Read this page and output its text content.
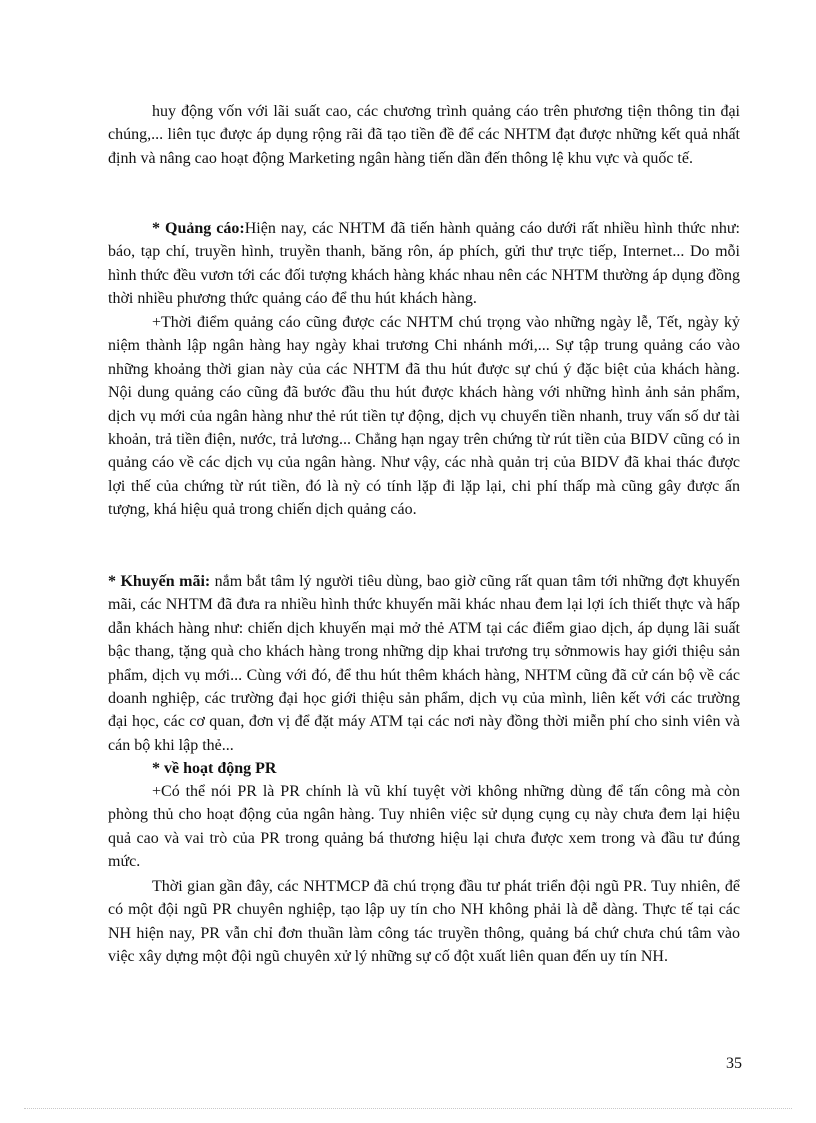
huy động vốn với lãi suất cao, các chương trình quảng cáo trên phương tiện thông tin đại chúng,... liên tục được áp dụng rộng rãi đã tạo tiền đề để các NHTM đạt được những kết quả nhất định và nâng cao hoạt động Marketing ngân hàng tiến dần đến thông lệ khu vực và quốc tế.

* Quảng cáo:Hiện nay, các NHTM đã tiến hành quảng cáo dưới rất nhiều hình thức như: báo, tạp chí, truyền hình, truyền thanh, băng rôn, áp phích, gửi thư trực tiếp, Internet... Do mỗi hình thức đều vươn tới các đối tượng khách hàng khác nhau nên các NHTM thường áp dụng đồng thời nhiều phương thức quảng cáo để thu hút khách hàng.

+Thời điểm quảng cáo cũng được các NHTM chú trọng vào những ngày lễ, Tết, ngày kỷ niệm thành lập ngân hàng hay ngày khai trương Chi nhánh mới,... Sự tập trung quảng cáo vào những khoảng thời gian này của các NHTM đã thu hút được sự chú ý đặc biệt của khách hàng. Nội dung quảng cáo cũng đã bước đầu thu hút được khách hàng với những hình ảnh sản phẩm, dịch vụ mới của ngân hàng như thẻ rút tiền tự động, dịch vụ chuyển tiền nhanh, truy vấn số dư tài khoản, trả tiền điện, nước, trả lương... Chẳng hạn ngay trên chứng từ rút tiền của BIDV cũng có in quảng cáo về các dịch vụ của ngân hàng. Như vậy, các nhà quản trị của BIDV đã khai thác được lợi thế của chứng từ rút tiền, đó là nỳ có tính lặp đi lặp lại, chi phí thấp mà cũng gây được ấn tượng, khá hiệu quả trong chiến dịch quảng cáo.

* Khuyến mãi: nắm bắt tâm lý người tiêu dùng, bao giờ cũng rất quan tâm tới những đợt khuyến mãi, các NHTM đã đưa ra nhiều hình thức khuyến mãi khác nhau đem lại lợi ích thiết thực và hấp dẫn khách hàng như: chiến dịch khuyến mại mở thẻ ATM tại các điểm giao dịch, áp dụng lãi suất bậc thang, tặng quà cho khách hàng trong những dịp khai trương trụ sởnmowis hay giới thiệu sản phẩm, dịch vụ mới... Cùng với đó, để thu hút thêm khách hàng, NHTM cũng đã cử cán bộ về các doanh nghiệp, các trường đại học giới thiệu sản phẩm, dịch vụ của mình, liên kết với các trường đại học, các cơ quan, đơn vị để đặt máy ATM tại các nơi này đồng thời miễn phí cho sinh viên và cán bộ khi lập thẻ...

* về hoạt động PR

+Có thể nói PR là PR chính là vũ khí tuyệt vời không những dùng để tấn công mà còn phòng thủ cho hoạt động của ngân hàng. Tuy nhiên việc sử dụng cụng cụ này chưa đem lại hiệu quả cao và vai trò của PR trong quảng bá thương hiệu lại chưa được xem trong và đầu tư đúng mức.

Thời gian gần đây, các NHTMCP đã chú trọng đầu tư phát triển đội ngũ PR. Tuy nhiên, để có một đội ngũ PR chuyên nghiệp, tạo lập uy tín cho NH không phải là dễ dàng. Thực tế tại các NH hiện nay, PR vẫn chỉ đơn thuần làm công tác truyền thông, quảng bá chứ chưa chú tâm vào việc xây dựng một đội ngũ chuyên xử lý những sự cố đột xuất liên quan đến uy tín NH.

35
